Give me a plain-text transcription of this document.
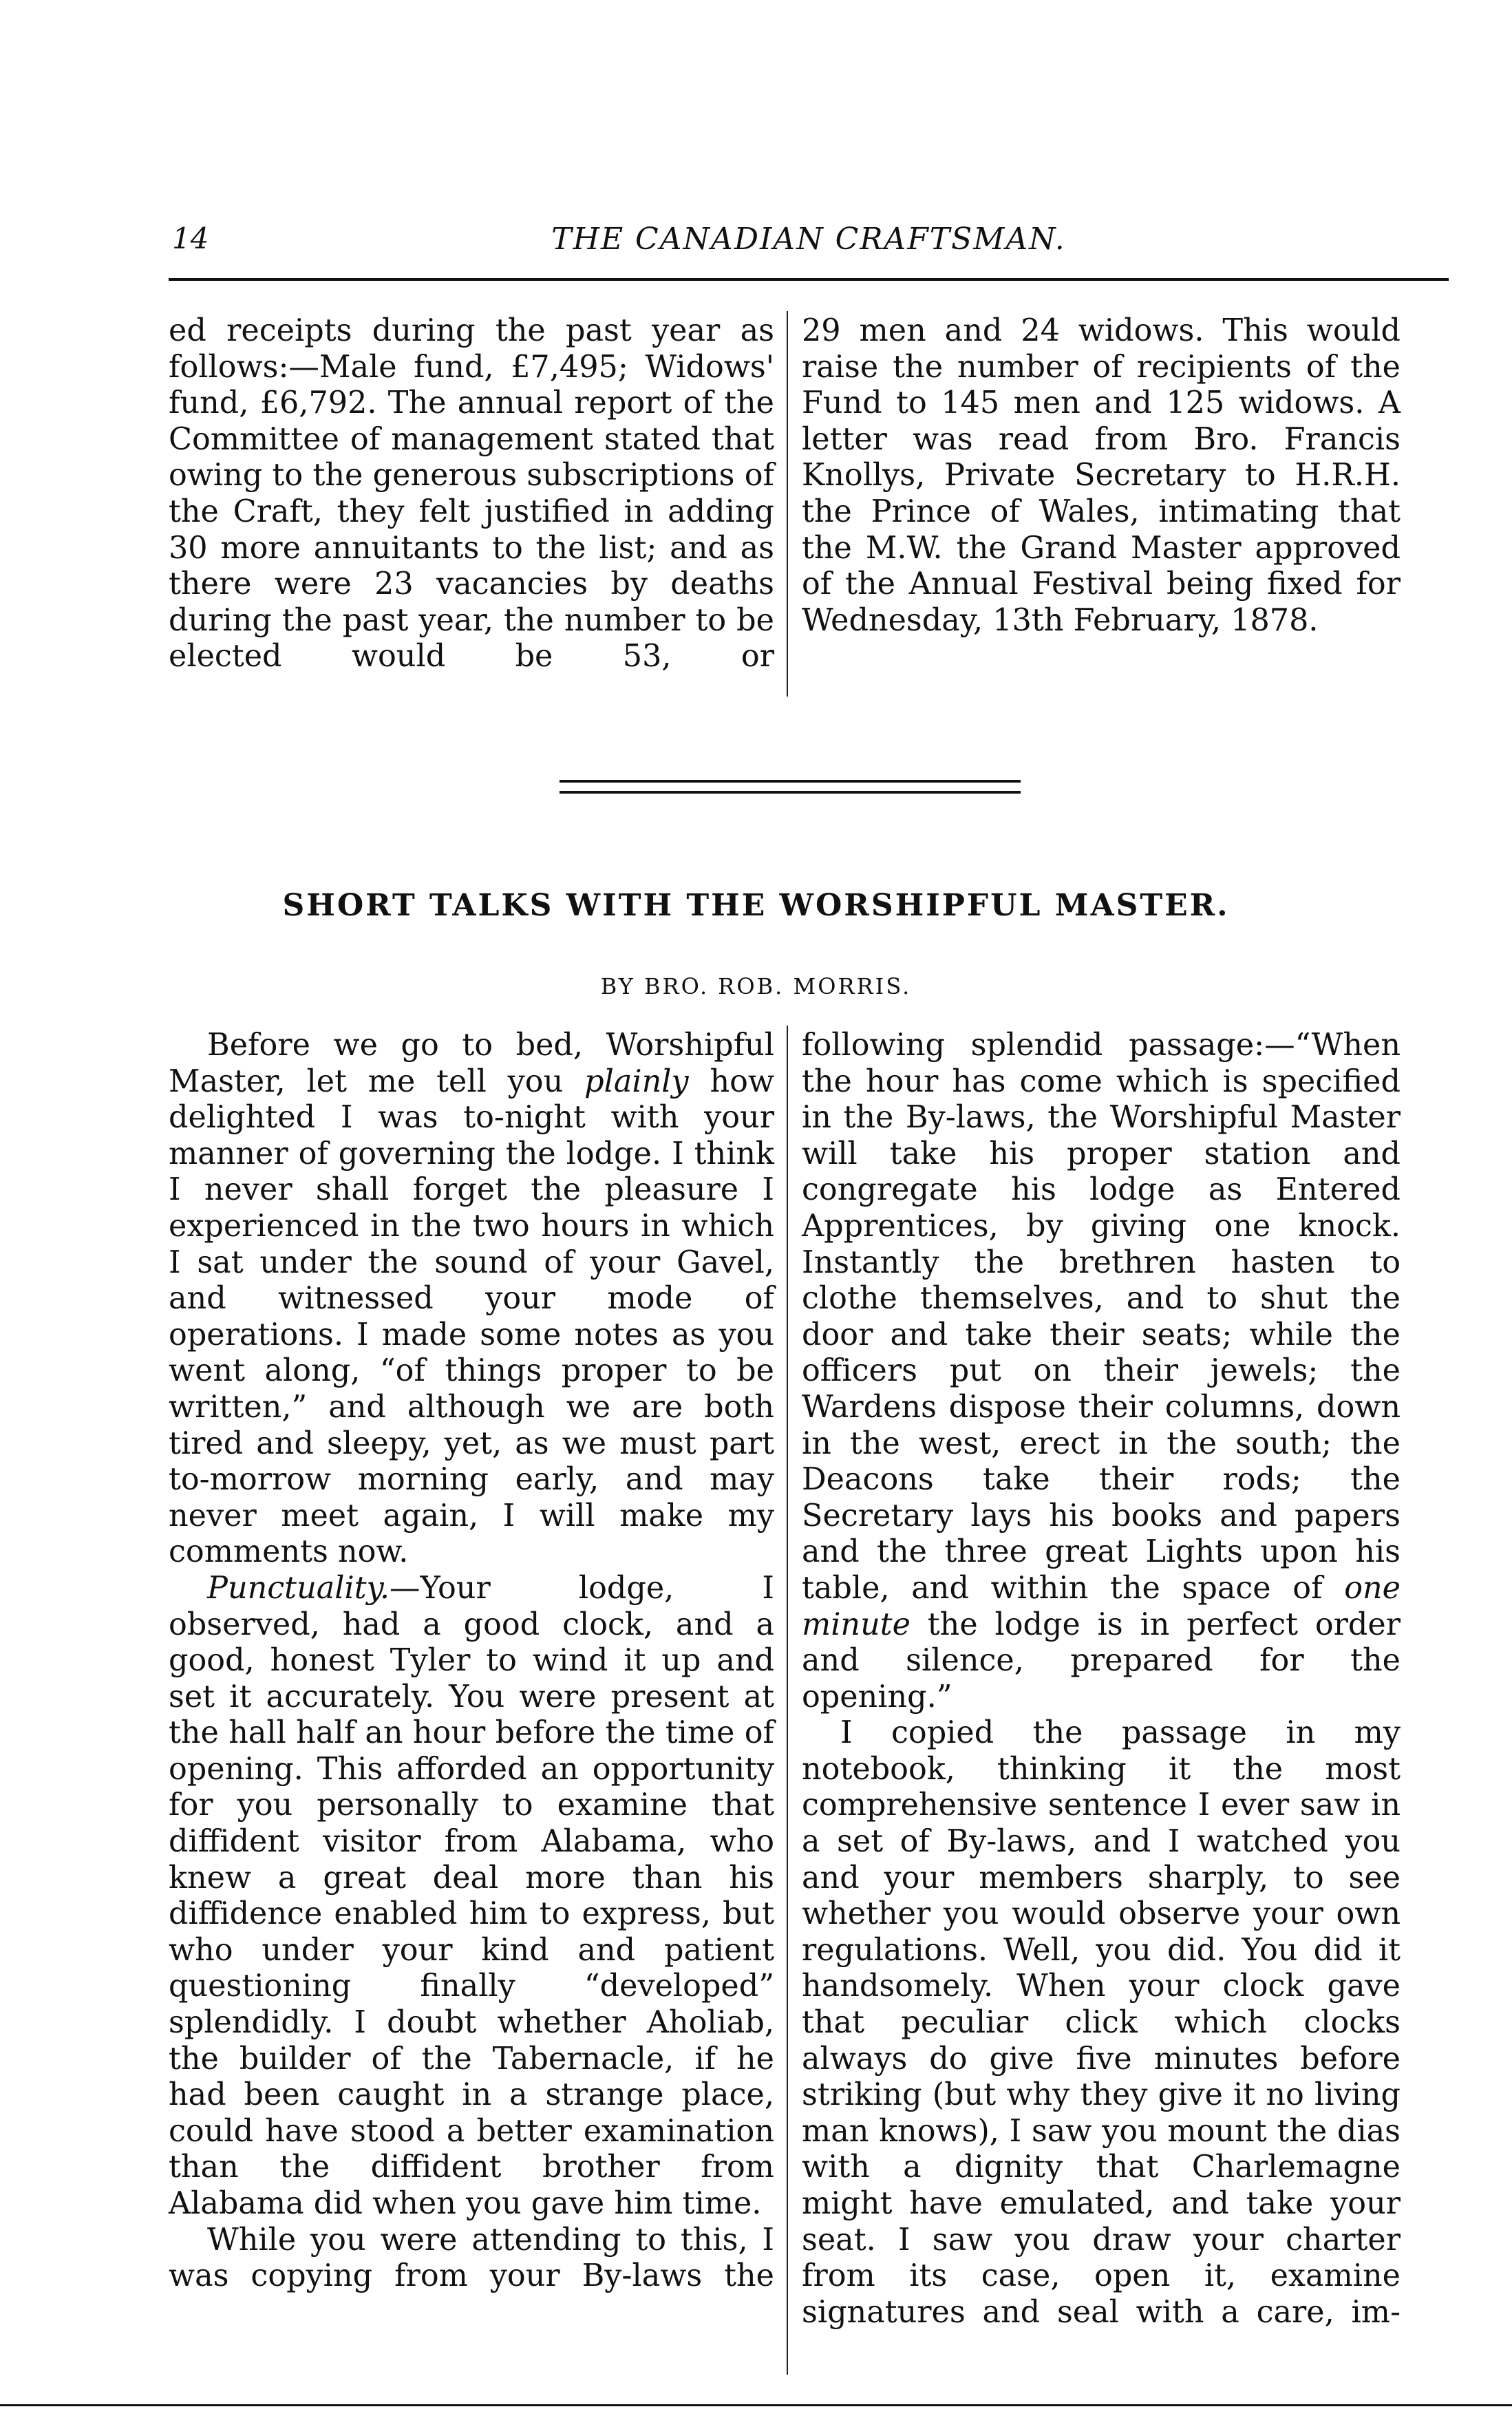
14	THE CANADIAN CRAFTSMAN.

ed receipts during the past year as follows:—Male fund, £7,495; Widows' fund, £6,792. The annual report of the Committee of management stated that owing to the generous subscriptions of the Craft, they felt justified in adding 30 more annuitants to the list; and as there were 23 vacancies by deaths during the past year, the number to be elected would be 53, or

29 men and 24 widows. This would raise the number of recipients of the Fund to 145 men and 125 widows. A letter was read from Bro. Francis Knollys, Private Secretary to H.R.H. the Prince of Wales, intimating that the M.W. the Grand Master approved of the Annual Festival being fixed for Wednesday, 13th February, 1878.

SHORT TALKS WITH THE WORSHIPFUL MASTER.
BY BRO. ROB. MORRIS.

Before we go to bed, Worshipful Master, let me tell you plainly how delighted I was to-night with your manner of governing the lodge. I think I never shall forget the pleasure I experienced in the two hours in which I sat under the sound of your Gavel, and witnessed your mode of operations. I made some notes as you went along, “of things proper to be written,” and although we are both tired and sleepy, yet, as we must part to-morrow morning early, and may never meet again, I will make my comments now.

Punctuality.—Your lodge, I observed, had a good clock, and a good, honest Tyler to wind it up and set it accurately. You were present at the hall half an hour before the time of opening. This afforded an opportunity for you personally to examine that diffident visitor from Alabama, who knew a great deal more than his diffidence enabled him to express, but who under your kind and patient questioning finally “developed” splendidly. I doubt whether Aholiab, the builder of the Tabernacle, if he had been caught in a strange place, could have stood a better examination than the diffident brother from Alabama did when you gave him time.

While you were attending to this, I was copying from your By-laws the

following splendid passage:—“When the hour has come which is specified in the By-laws, the Worshipful Master will take his proper station and congregate his lodge as Entered Apprentices, by giving one knock. Instantly the brethren hasten to clothe themselves, and to shut the door and take their seats; while the officers put on their jewels; the Wardens dispose their columns, down in the west, erect in the south; the Deacons take their rods; the Secretary lays his books and papers and the three great Lights upon his table, and within the space of one minute the lodge is in perfect order and silence, prepared for the opening.”

I copied the passage in my notebook, thinking it the most comprehensive sentence I ever saw in a set of By-laws, and I watched you and your members sharply, to see whether you would observe your own regulations. Well, you did. You did it handsomely. When your clock gave that peculiar click which clocks always do give five minutes before striking (but why they give it no living man knows), I saw you mount the dias with a dignity that Charlemagne might have emulated, and take your seat. I saw you draw your charter from its case, open it, examine signatures and seal with a care, im-
